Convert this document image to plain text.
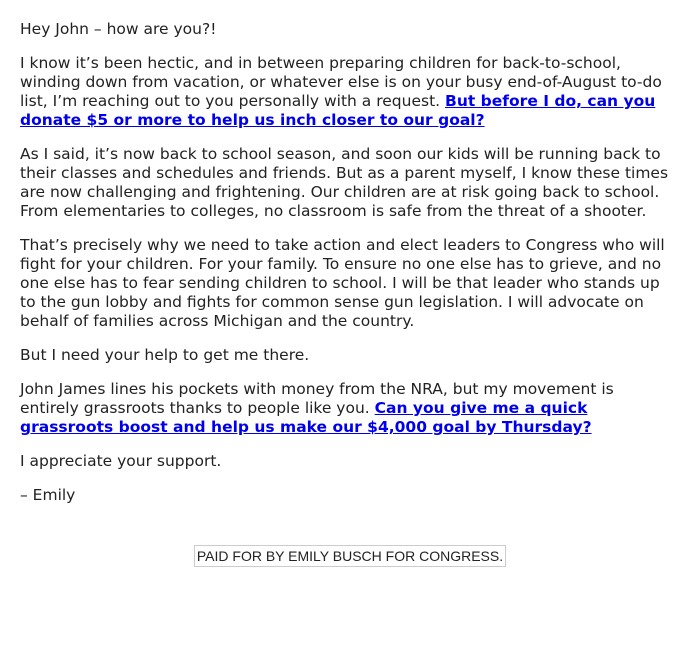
Hey John – how are you?!

I know it’s been hectic, and in between preparing children for back-to-school, winding down from vacation, or whatever else is on your busy end-of-August to-do list, I’m reaching out to you personally with a request. But before I do, can you donate $5 or more to help us inch closer to our goal?

As I said, it’s now back to school season, and soon our kids will be running back to their classes and schedules and friends. But as a parent myself, I know these times are now challenging and frightening. Our children are at risk going back to school. From elementaries to colleges, no classroom is safe from the threat of a shooter.

That’s precisely why we need to take action and elect leaders to Congress who will fight for your children. For your family. To ensure no one else has to grieve, and no one else has to fear sending children to school. I will be that leader who stands up to the gun lobby and fights for common sense gun legislation. I will advocate on behalf of families across Michigan and the country.

But I need your help to get me there.

John James lines his pockets with money from the NRA, but my movement is entirely grassroots thanks to people like you. Can you give me a quick grassroots boost and help us make our $4,000 goal by Thursday?

I appreciate your support.

– Emily

PAID FOR BY EMILY BUSCH FOR CONGRESS.
